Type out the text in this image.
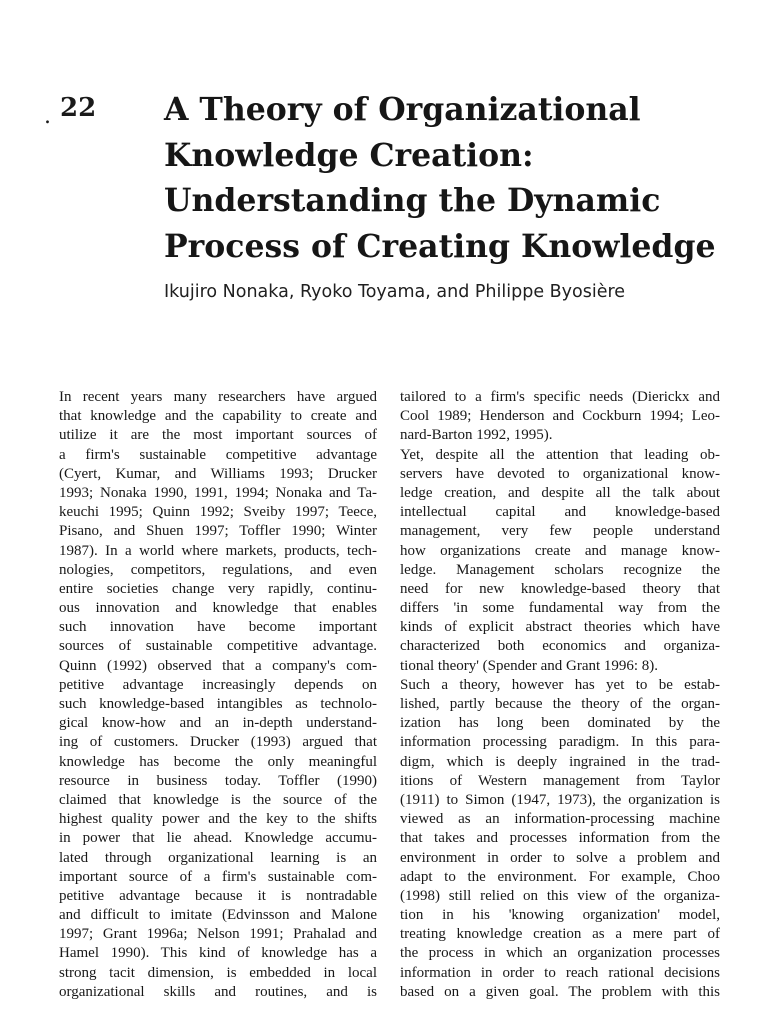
. 22 A Theory of Organizational
Knowledge Creation:
Understanding the Dynamic
Process of Creating Knowledge

Ikujiro Nonaka, Ryoko Toyama, and Philippe Byosière

In recent years many researchers have argued
that knowledge and the capability to create and
utilize it are the most important sources of
a firm's sustainable competitive advantage
(Cyert, Kumar, and Williams 1993; Drucker
1993; Nonaka 1990, 1991, 1994; Nonaka and Ta-
keuchi 1995; Quinn 1992; Sveiby 1997; Teece,
Pisano, and Shuen 1997; Toffler 1990; Winter
1987). In a world where markets, products, tech-
nologies, competitors, regulations, and even
entire societies change very rapidly, continu-
ous innovation and knowledge that enables
such innovation have become important
sources of sustainable competitive advantage.
Quinn (1992) observed that a company's com-
petitive advantage increasingly depends on
such knowledge-based intangibles as technolo-
gical know-how and an in-depth understand-
ing of customers. Drucker (1993) argued that
knowledge has become the only meaningful
resource in business today. Toffler (1990)
claimed that knowledge is the source of the
highest quality power and the key to the shifts
in power that lie ahead. Knowledge accumu-
lated through organizational learning is an
important source of a firm's sustainable com-
petitive advantage because it is nontradable
and difficult to imitate (Edvinsson and Malone
1997; Grant 1996a; Nelson 1991; Prahalad and
Hamel 1990). This kind of knowledge has a
strong tacit dimension, is embedded in local
organizational skills and routines, and is
tailored to a firm's specific needs (Dierickx and
Cool 1989; Henderson and Cockburn 1994; Leo-
nard-Barton 1992, 1995).
Yet, despite all the attention that leading ob-
servers have devoted to organizational know-
ledge creation, and despite all the talk about
intellectual capital and knowledge-based
management, very few people understand
how organizations create and manage know-
ledge. Management scholars recognize the
need for new knowledge-based theory that
differs 'in some fundamental way from the
kinds of explicit abstract theories which have
characterized both economics and organiza-
tional theory' (Spender and Grant 1996: 8).
Such a theory, however has yet to be estab-
lished, partly because the theory of the organ-
ization has long been dominated by the
information processing paradigm. In this para-
digm, which is deeply ingrained in the trad-
itions of Western management from Taylor
(1911) to Simon (1947, 1973), the organization is
viewed as an information-processing machine
that takes and processes information from the
environment in order to solve a problem and
adapt to the environment. For example, Choo
(1998) still relied on this view of the organiza-
tion in his 'knowing organization' model,
treating knowledge creation as a mere part of
the process in which an organization processes
information in order to reach rational decisions
based on a given goal. The problem with this
